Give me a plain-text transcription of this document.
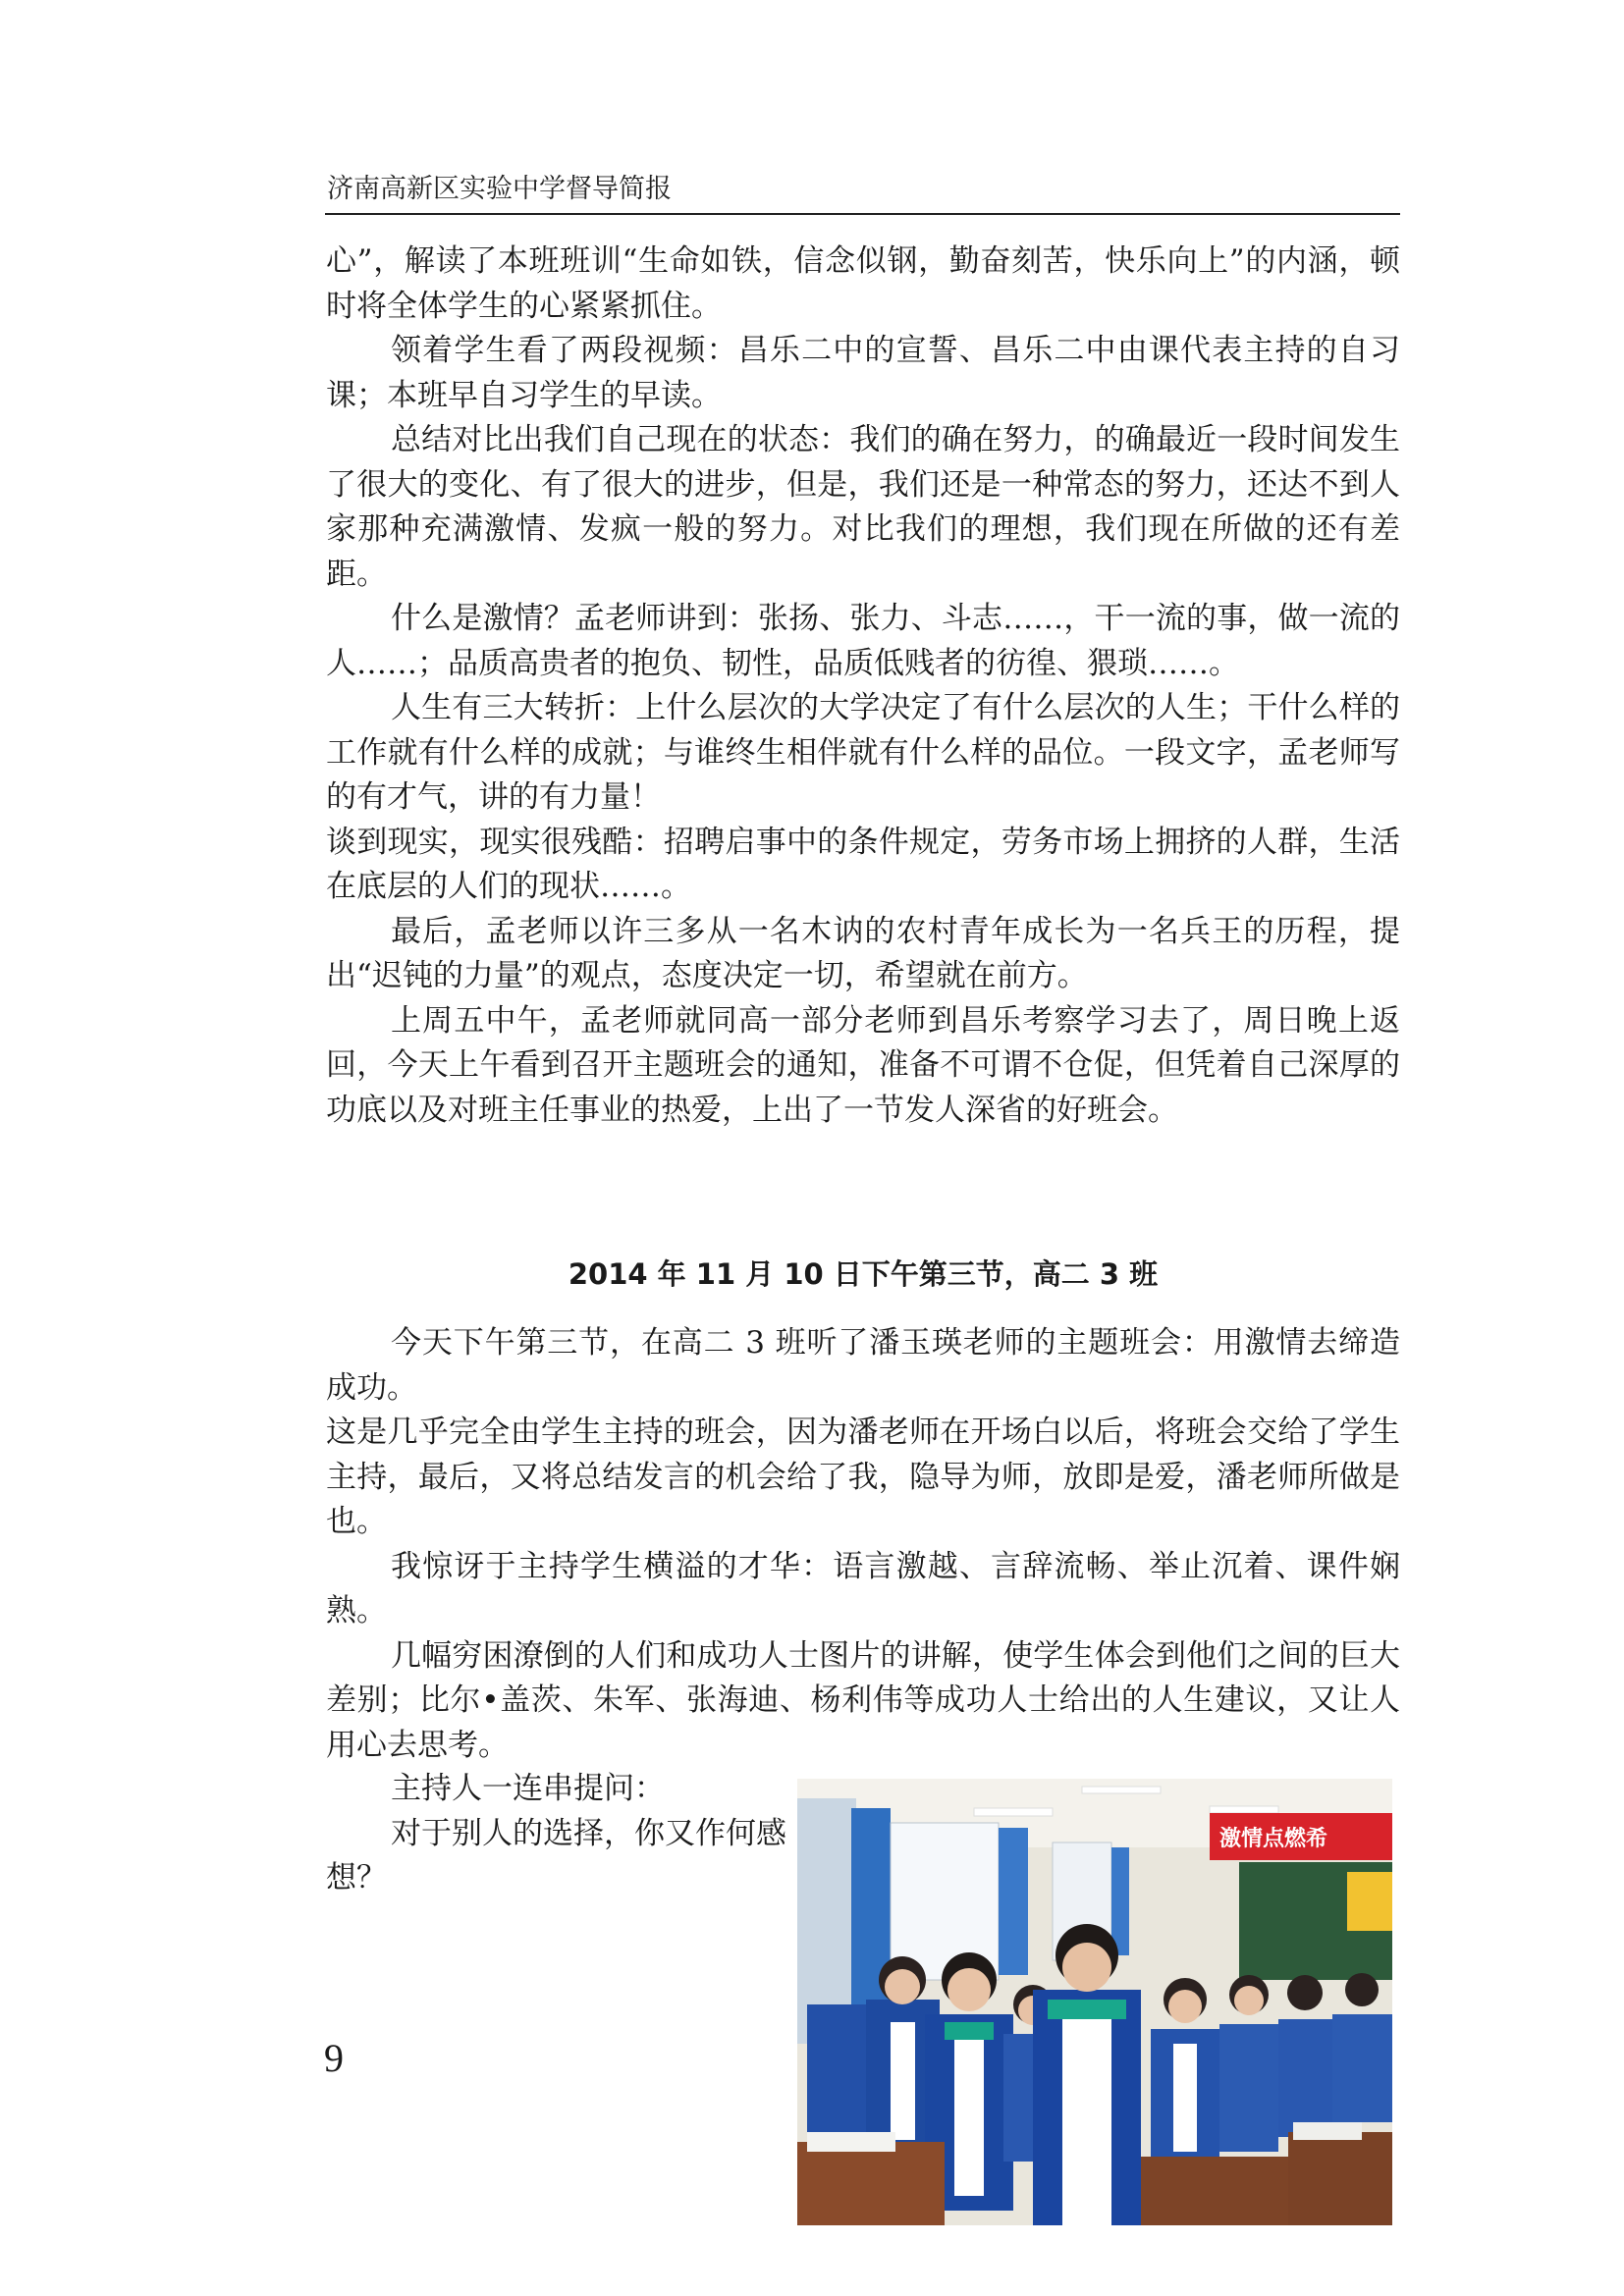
济南高新区实验中学督导简报

心”，解读了本班班训“生命如铁，信念似钢，勤奋刻苦，快乐向上”的内涵，顿时将全体学生的心紧紧抓住。

领着学生看了两段视频：昌乐二中的宣誓、昌乐二中由课代表主持的自习课；本班早自习学生的早读。

总结对比出我们自己现在的状态：我们的确在努力，的确最近一段时间发生了很大的变化、有了很大的进步，但是，我们还是一种常态的努力，还达不到人家那种充满激情、发疯一般的努力。对比我们的理想，我们现在所做的还有差距。

什么是激情？孟老师讲到：张扬、张力、斗志……，干一流的事，做一流的人……；品质高贵者的抱负、韧性，品质低贱者的彷徨、猥琐……。

人生有三大转折：上什么层次的大学决定了有什么层次的人生；干什么样的工作就有什么样的成就；与谁终生相伴就有什么样的品位。一段文字，孟老师写的有才气，讲的有力量！

谈到现实，现实很残酷：招聘启事中的条件规定，劳务市场上拥挤的人群，生活在底层的人们的现状……。

最后，孟老师以许三多从一名木讷的农村青年成长为一名兵王的历程，提出“迟钝的力量”的观点，态度决定一切，希望就在前方。

上周五中午，孟老师就同高一部分老师到昌乐考察学习去了，周日晚上返回，今天上午看到召开主题班会的通知，准备不可谓不仓促，但凭着自己深厚的功底以及对班主任事业的热爱，上出了一节发人深省的好班会。

2014 年 11 月 10 日下午第三节，高二 3 班

今天下午第三节，在高二 3 班听了潘玉瑛老师的主题班会：用激情去缔造成功。

这是几乎完全由学生主持的班会，因为潘老师在开场白以后，将班会交给了学生主持，最后，又将总结发言的机会给了我，隐导为师，放即是爱，潘老师所做是也。

我惊讶于主持学生横溢的才华：语言激越、言辞流畅、举止沉着、课件娴熟。

几幅穷困潦倒的人们和成功人士图片的讲解，使学生体会到他们之间的巨大差别；比尔•盖茨、朱军、张海迪、杨利伟等成功人士给出的人生建议，又让人用心去思考。

主持人一连串提问：

对于别人的选择，你又作何感想？

9
激情点燃希
